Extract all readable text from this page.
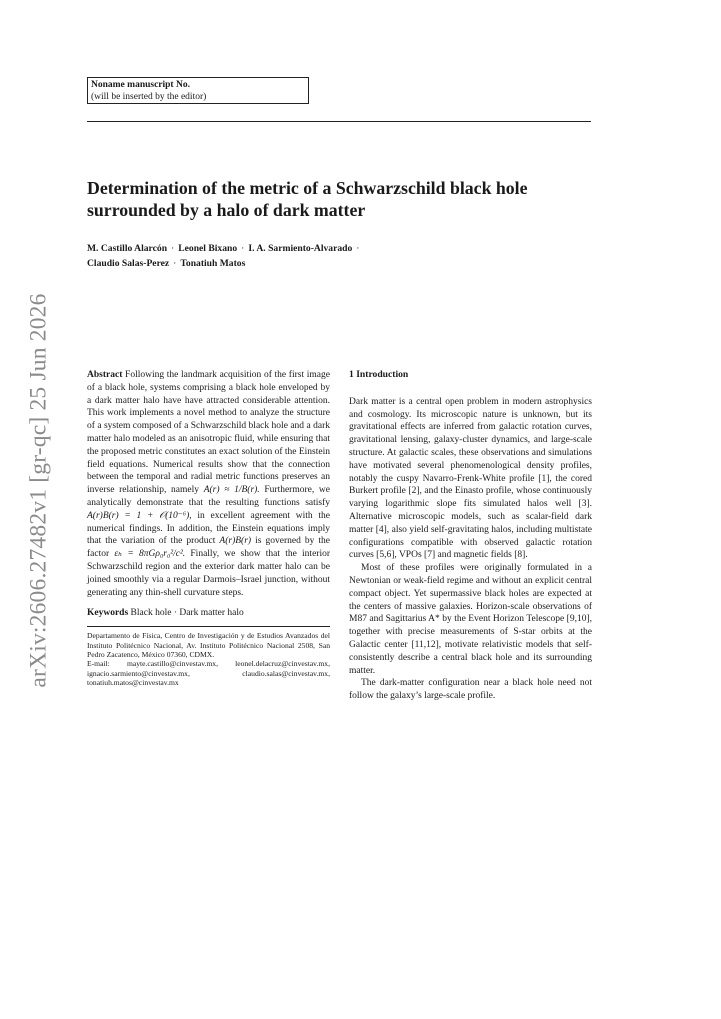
arXiv:2606.27482v1 [gr-qc] 25 Jun 2026
Noname manuscript No.
(will be inserted by the editor)
Determination of the metric of a Schwarzschild black hole surrounded by a halo of dark matter
M. Castillo Alarcón · Leonel Bixano · I. A. Sarmiento-Alvarado ·
Claudio Salas-Perez · Tonatiuh Matos
Abstract Following the landmark acquisition of the first image of a black hole, systems comprising a black hole enveloped by a dark matter halo have have attracted considerable attention. This work implements a novel method to analyze the structure of a system composed of a Schwarzschild black hole and a dark matter halo modeled as an anisotropic fluid, while ensuring that the proposed metric constitutes an exact solution of the Einstein field equations. Numerical results show that the connection between the temporal and radial metric functions preserves an inverse relationship, namely A(r) ≈ 1/B(r). Furthermore, we analytically demonstrate that the resulting functions satisfy A(r)B(r) = 1 + 𝒪(10⁻⁶), in excellent agreement with the numerical findings. In addition, the Einstein equations imply that the variation of the product A(r)B(r) is governed by the factor εₕ = 8πGρ₀r₀²/c². Finally, we show that the interior Schwarzschild region and the exterior dark matter halo can be joined smoothly via a regular Darmois–Israel junction, without generating any thin-shell curvature steps.
Keywords Black hole · Dark matter halo
Departamento de Física, Centro de Investigación y de Estudios Avanzados del Instituto Politécnico Nacional, Av. Instituto Politécnico Nacional 2508, San Pedro Zacatenco, México 07360, CDMX.
E-mail: mayte.castillo@cinvestav.mx, leonel.delacruz@cinvestav.mx, ignacio.sarmiento@cinvestav.mx, claudio.salas@cinvestav.mx, tonatiuh.matos@cinvestav.mx
1 Introduction
Dark matter is a central open problem in modern astrophysics and cosmology. Its microscopic nature is unknown, but its gravitational effects are inferred from galactic rotation curves, gravitational lensing, galaxy-cluster dynamics, and large-scale structure. At galactic scales, these observations and simulations have motivated several phenomenological density profiles, notably the cuspy Navarro-Frenk-White profile [1], the cored Burkert profile [2], and the Einasto profile, whose continuously varying logarithmic slope fits simulated halos well [3]. Alternative microscopic models, such as scalar-field dark matter [4], also yield self-gravitating halos, including multistate configurations compatible with observed galactic rotation curves [5,6], VPOs [7] and magnetic fields [8].
Most of these profiles were originally formulated in a Newtonian or weak-field regime and without an explicit central compact object. Yet supermassive black holes are expected at the centers of massive galaxies. Horizon-scale observations of M87 and Sagittarius A* by the Event Horizon Telescope [9,10], together with precise measurements of S-star orbits at the Galactic center [11,12], motivate relativistic models that self-consistently describe a central black hole and its surrounding matter.
The dark-matter configuration near a black hole need not follow the galaxy’s large-scale profile.
